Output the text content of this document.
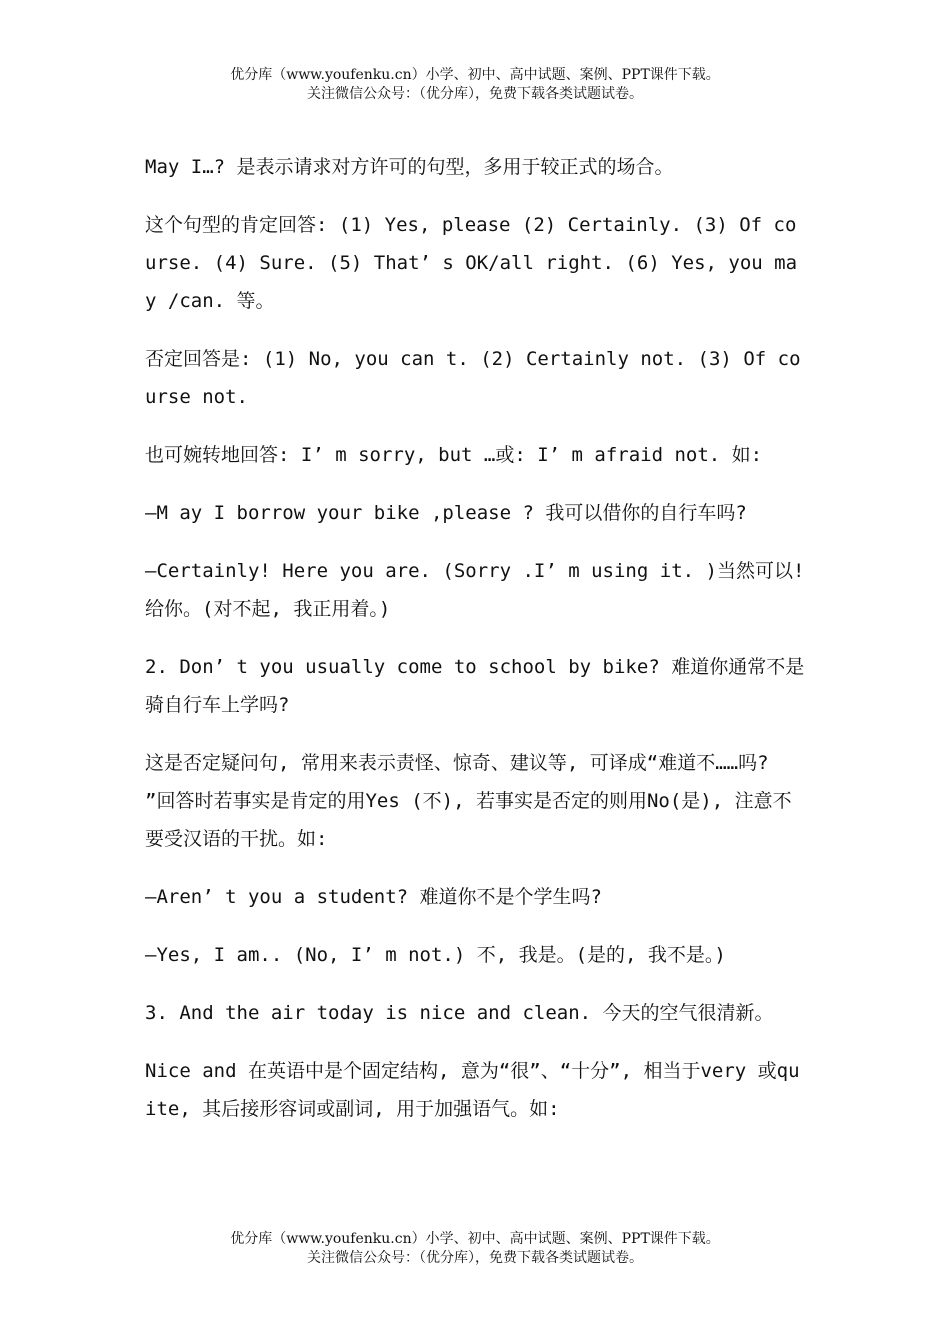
优分库（www.youfenku.cn）小学、初中、高中试题、案例、PPT课件下载。
关注微信公众号：（优分库），免费下载各类试题试卷。

May I…? 是表示请求对方许可的句型，多用于较正式的场合。

这个句型的肯定回答: (1) Yes, please (2) Certainly. (3) Of course. (4) Sure. (5) That’ s OK/all right. (6) Yes, you may /can. 等。

否定回答是: (1) No, you can t. (2) Certainly not. (3) Of course not.

也可婉转地回答: I’ m sorry, but …或: I’ m afraid not. 如:

—M ay I borrow your bike ,please ? 我可以借你的自行车吗?

—Certainly! Here you are. (Sorry .I’ m using it. )当然可以! 给你。(对不起, 我正用着。)

2. Don’ t you usually come to school by bike? 难道你通常不是骑自行车上学吗?

这是否定疑问句, 常用来表示责怪、惊奇、建议等, 可译成“难道不……吗? ”回答时若事实是肯定的用Yes (不), 若事实是否定的则用No(是), 注意不要受汉语的干扰。如:

—Aren’ t you a student? 难道你不是个学生吗?

—Yes, I am.. (No, I’ m not.) 不, 我是。(是的, 我不是。)

3. And the air today is nice and clean. 今天的空气很清新。

Nice and 在英语中是个固定结构, 意为“很”、“十分”, 相当于very 或quite, 其后接形容词或副词, 用于加强语气。如:

优分库（www.youfenku.cn）小学、初中、高中试题、案例、PPT课件下载。
关注微信公众号：（优分库），免费下载各类试题试卷。
